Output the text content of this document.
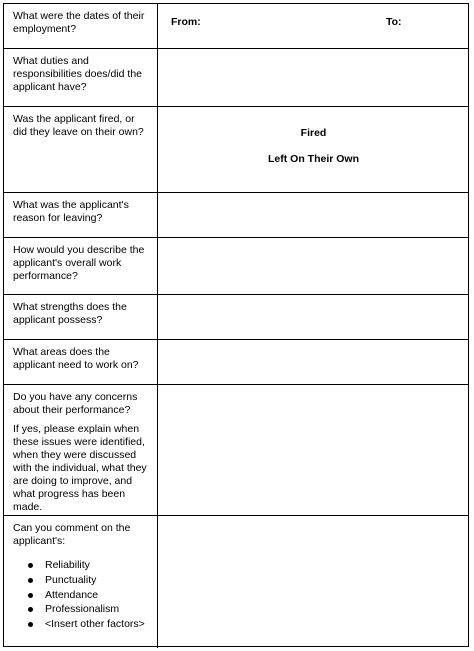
What were the dates of their employment?

From:	To:

What duties and responsibilities does/did the applicant have?

Was the applicant fired, or did they leave on their own?	Fired
Left On Their Own

What was the applicant's reason for leaving?

How would you describe the applicant's overall work performance?

What strengths does the applicant possess?

What areas does the applicant need to work on?

Do you have any concerns about their performance?

If yes, please explain when these issues were identified, when they were discussed with the individual, what they are doing to improve, and what progress has been made.

Can you comment on the applicant's:

Reliability
Punctuality
Attendance
Professionalism
<Insert other factors>
